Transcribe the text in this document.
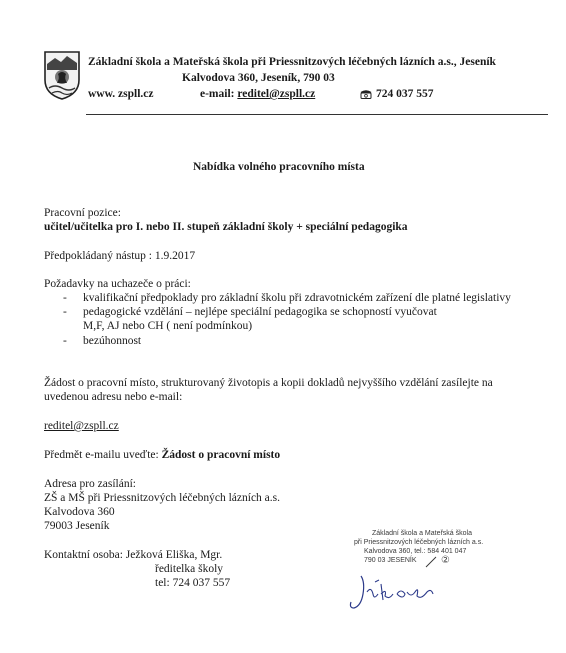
Základní škola a Mateřská škola při Priessnitzových léčebných lázních a.s., Jeseník
Kalvodova 360, Jeseník, 790 03
www. zspll.cz	e-mail: reditel@zspll.cz	724 037 557
Nabídka volného pracovního místa
Pracovní pozice:
učitel/učitelka pro I. nebo II. stupeň základní školy + speciální pedagogika
Předpokládaný nástup : 1.9.2017
Požadavky na uchazeče o práci:
- kvalifikační předpoklady pro základní školu při zdravotnickém zařízení dle platné legislativy
- pedagogické vzdělání – nejlépe speciální pedagogika se schopností vyučovat
M,F, AJ nebo CH ( není podmínkou)
- bezúhonnost
Žádost o pracovní místo, strukturovaný životopis a kopii dokladů nejvyššího vzdělání zasílejte na
uvedenou adresu nebo e-mail:
reditel@zspll.cz
Předmět e-mailu uveďte: Žádost o pracovní místo
Adresa pro zasílání:
ZŠ a MŠ při Priessnitzových léčebných lázních a.s.
Kalvodova 360
79003 Jeseník
Kontaktní osoba: Ježková Eliška, Mgr.
ředitelka školy
tel: 724 037 557
Základní škola a Mateřská škola
při Priessnitzových léčebných lázních a.s.
Kalvodova 360, tel.: 584 401 047
790 03 JESENÍK ②
